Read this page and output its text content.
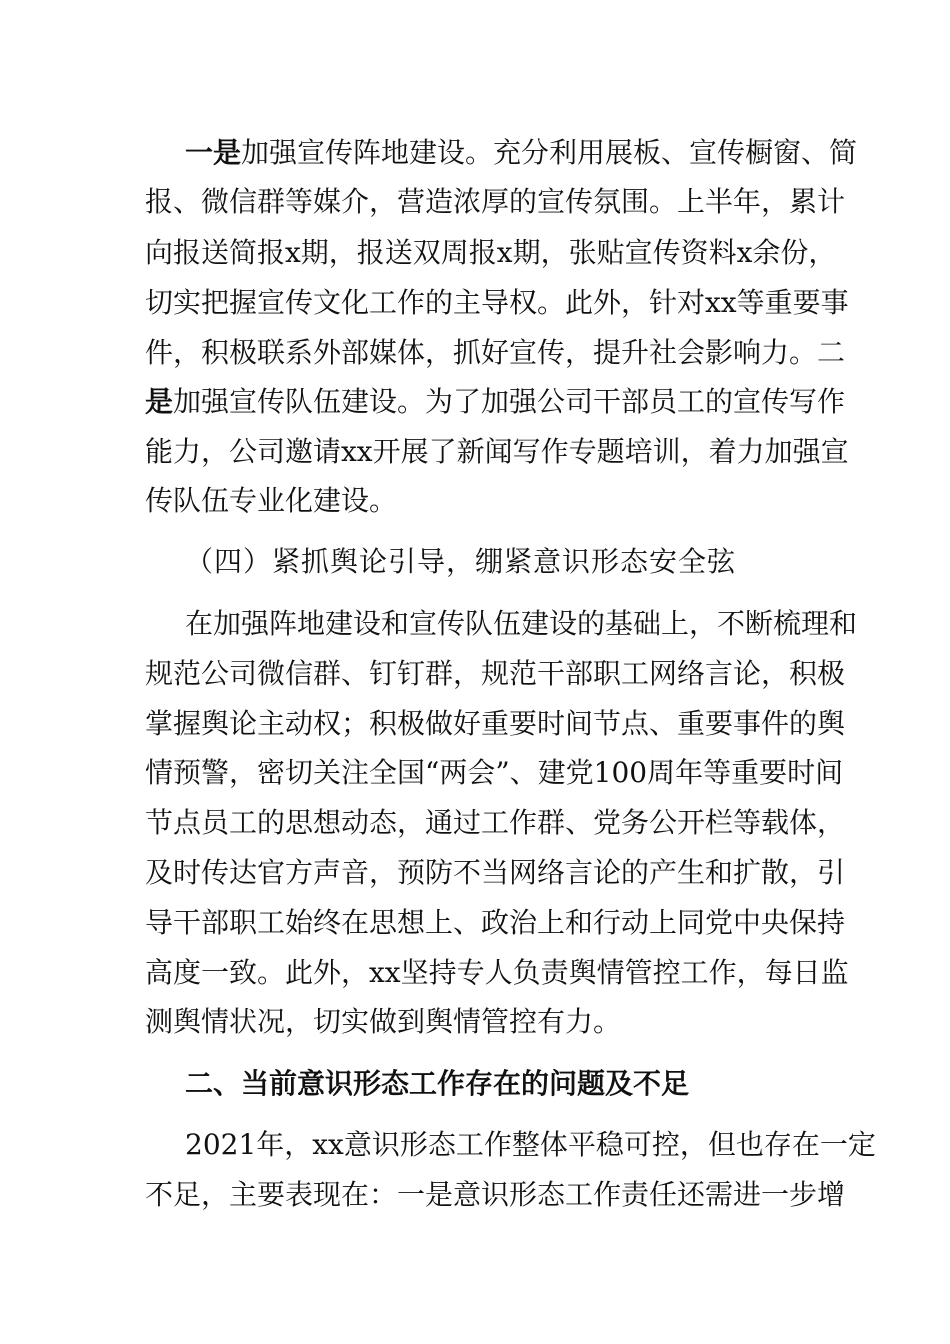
一是加强宣传阵地建设。充分利用展板、宣传橱窗、简
报、微信群等媒介，营造浓厚的宣传氛围。上半年，累计
向报送简报x期，报送双周报x期，张贴宣传资料x余份，
切实把握宣传文化工作的主导权。此外，针对xx等重要事
件，积极联系外部媒体，抓好宣传，提升社会影响力。二
是加强宣传队伍建设。为了加强公司干部员工的宣传写作
能力，公司邀请xx开展了新闻写作专题培训，着力加强宣
传队伍专业化建设。
（四）紧抓舆论引导，绷紧意识形态安全弦
在加强阵地建设和宣传队伍建设的基础上，不断梳理和
规范公司微信群、钉钉群，规范干部职工网络言论，积极
掌握舆论主动权；积极做好重要时间节点、重要事件的舆
情预警，密切关注全国“两会”、建党100周年等重要时间
节点员工的思想动态，通过工作群、党务公开栏等载体，
及时传达官方声音，预防不当网络言论的产生和扩散，引
导干部职工始终在思想上、政治上和行动上同党中央保持
高度一致。此外，xx坚持专人负责舆情管控工作，每日监
测舆情状况，切实做到舆情管控有力。
二、当前意识形态工作存在的问题及不足
2021年，xx意识形态工作整体平稳可控，但也存在一定
不足，主要表现在：一是意识形态工作责任还需进一步增
